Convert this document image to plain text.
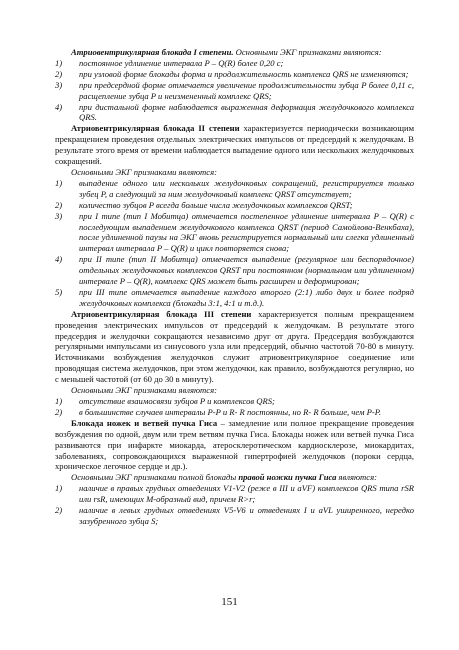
Атриовентрикулярная блокада I степени. Основными ЭКГ признаками являются:

1)	постоянное удлинение интервала P – Q(R) более 0,20 с;
2)	при узловой форме блокады форма и продолжительность комплекса QRS не изменяются;
3)	при предсердной форме отмечается увеличение продолжительности зубца P более 0,11 с, расщепление зубца P и неизмененный комплекс QRS;
4)	при дистальной форме наблюдается выраженная деформация желудочкового комплекса QRS.

Атриовентрикулярная блокада II степени характеризуется периодически возникающим прекращением проведения отдельных электрических импульсов от предсердий к желудочкам. В результате этого время от времени наблюдается выпадение одного или нескольких желудочковых сокращений.

Основными ЭКГ признаками являются:

1)	выпадение одного или нескольких желудочковых сокращений, регистрируется только зубец P, а следующий за ним желудочковый комплекс QRST отсутствует;
2)	количество зубцов P всегда больше числа желудочковых комплексов QRST;
3)	при I типе (тип I Мобитца) отмечается постепенное удлинение интервала P – Q(R) с последующим выпадением желудочкового комплекса QRST (период Самойлова-Венкбаха), после удлиненной паузы на ЭКГ вновь регистрируется нормальный или слегка удлиненный интервал интервала P – Q(R) и цикл повторяется снова;
4)	при II типе (тип II Мобитца) отмечается выпадение (регулярное или беспорядочное) отдельных желудочковых комплексов QRST при постоянном (нормальном или удлиненном) интервале P – Q(R), комплекс QRS может быть расширен и деформирован;
5)	при III типе отмечается выпадение каждого второго (2:1) либо двух и более подряд желудочковых комплекса (блокады 3:1, 4:1 и т.д.).

Атриовентрикулярная блокада III степени характеризуется полным прекращением проведения электрических импульсов от предсердий к желудочкам. В результате этого предсердия и желудочки сокращаются независимо друг от друга. Предсердия возбуждаются регулярными импульсами из синусового узла или предсердий, обычно частотой 70-80 в минуту. Источниками возбуждения желудочков служит атриовентрикулярное соединение или проводящая система желудочков, при этом желудочки, как правило, возбуждаются регулярно, но с меньшей частотой (от 60 до 30 в минуту).

Основными ЭКГ признаками являются:

1)	отсутствие взаимосвязи зубцов P и комплексов QRS;
2)	в большинстве случаев интервалы P-P и R- R постоянны, но R- R больше, чем P-P.

Блокада ножек и ветвей пучка Гиса – замедление или полное прекращение проведения возбуждения по одной, двум или трем ветвям пучка Гиса. Блокады ножек или ветвей пучка Гиса развиваются при инфаркте миокарда, атеросклеротическом кардиосклерозе, миокардитах, заболеваниях, сопровождающихся выраженной гипертрофией желудочков (пороки сердца, хроническое легочное сердце и др.).

Основными ЭКГ признаками полной блокады правой ножки пучка Гиса являются:

1)	наличие в правых грудных отведениях V1-V2 (реже в III и aVF) комплексов QRS типа rSR или rsR, имеющих M-образный вид, причем R>r;
2)	наличие в левых грудных отведениях V5-V6 и отведениях I и aVL уширенного, нередко зазубренного зубца S;
151
